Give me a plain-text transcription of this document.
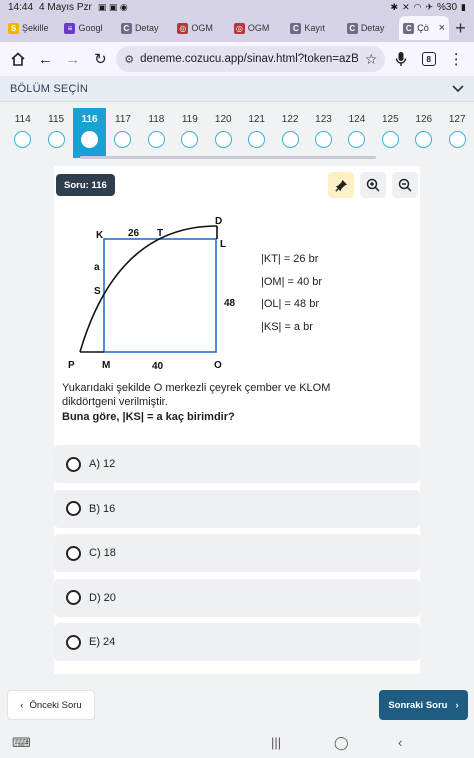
14:44 4 Mayıs Pzr ▣ ▣ ◉	✱ ✕ ◠ ✈ %30 ▮
S Şekille	≡ Googl	C Detay	◎ OGM	◎ OGM	C Kayıt	C Detay	C Çö × +
← → ↻	⚙ deneme.cozucu.app/sinav.html?token=azB ☆	8	⋮
BÖLÜM SEÇİN
114 115 116 117 118 119 120 121 122 123 124 125 126 127
Soru: 116
D
K 26 T
L
a
S
48
P	M	40	O
|KT| = 26 br
|OM| = 40 br
|OL| = 48 br
|KS| = a br
Yukarıdaki şekilde O merkezli çeyrek çember ve KLOM
dikdörtgeni verilmiştir.
Buna göre, |KS| = a kaç birimdir?
A) 12
B) 16
C) 18
D) 20
E) 24
‹ Önceki Soru	Sonraki Soru ›
⌨	|||	◯	‹
